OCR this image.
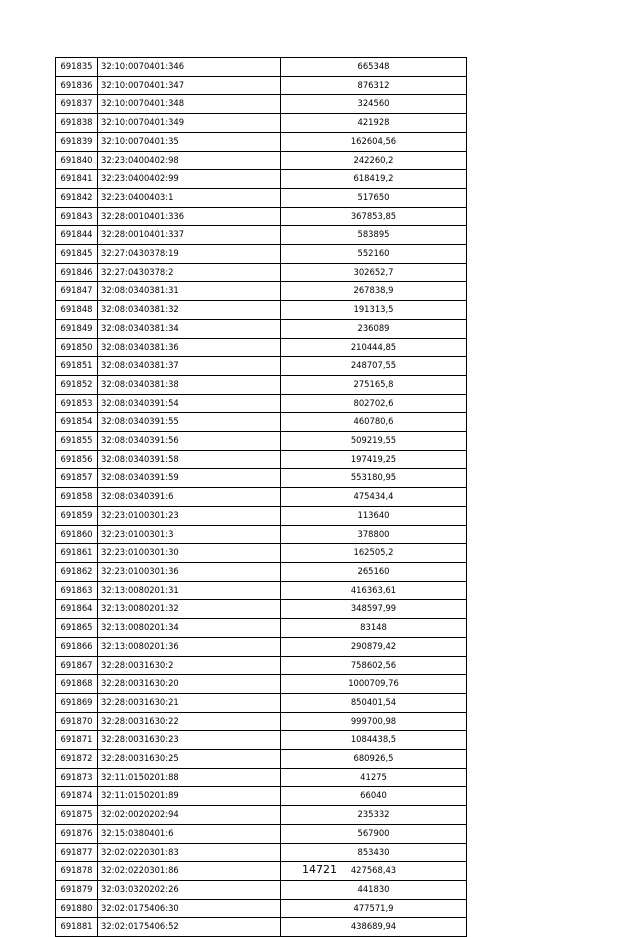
691835	32:10:0070401:346	665348
691836	32:10:0070401:347	876312
691837	32:10:0070401:348	324560
691838	32:10:0070401:349	421928
691839	32:10:0070401:35	162604,56
691840	32:23:0400402:98	242260,2
691841	32:23:0400402:99	618419,2
691842	32:23:0400403:1	517650
691843	32:28:0010401:336	367853,85
691844	32:28:0010401:337	583895
691845	32:27:0430378:19	552160
691846	32:27:0430378:2	302652,7
691847	32:08:0340381:31	267838,9
691848	32:08:0340381:32	191313,5
691849	32:08:0340381:34	236089
691850	32:08:0340381:36	210444,85
691851	32:08:0340381:37	248707,55
691852	32:08:0340381:38	275165,8
691853	32:08:0340391:54	802702,6
691854	32:08:0340391:55	460780,6
691855	32:08:0340391:56	509219,55
691856	32:08:0340391:58	197419,25
691857	32:08:0340391:59	553180,95
691858	32:08:0340391:6	475434,4
691859	32:23:0100301:23	113640
691860	32:23:0100301:3	378800
691861	32:23:0100301:30	162505,2
691862	32:23:0100301:36	265160
691863	32:13:0080201:31	416363,61
691864	32:13:0080201:32	348597,99
691865	32:13:0080201:34	83148
691866	32:13:0080201:36	290879,42
691867	32:28:0031630:2	758602,56
691868	32:28:0031630:20	1000709,76
691869	32:28:0031630:21	850401,54
691870	32:28:0031630:22	999700,98
691871	32:28:0031630:23	1084438,5
691872	32:28:0031630:25	680926,5
691873	32:11:0150201:88	41275
691874	32:11:0150201:89	66040
691875	32:02:0020202:94	235332
691876	32:15:0380401:6	567900
691877	32:02:0220301:83	853430
691878	32:02:0220301:86	427568,43
691879	32:03:0320202:26	441830
691880	32:02:0175406:30	477571,9
691881	32:02:0175406:52	438689,94
14721
